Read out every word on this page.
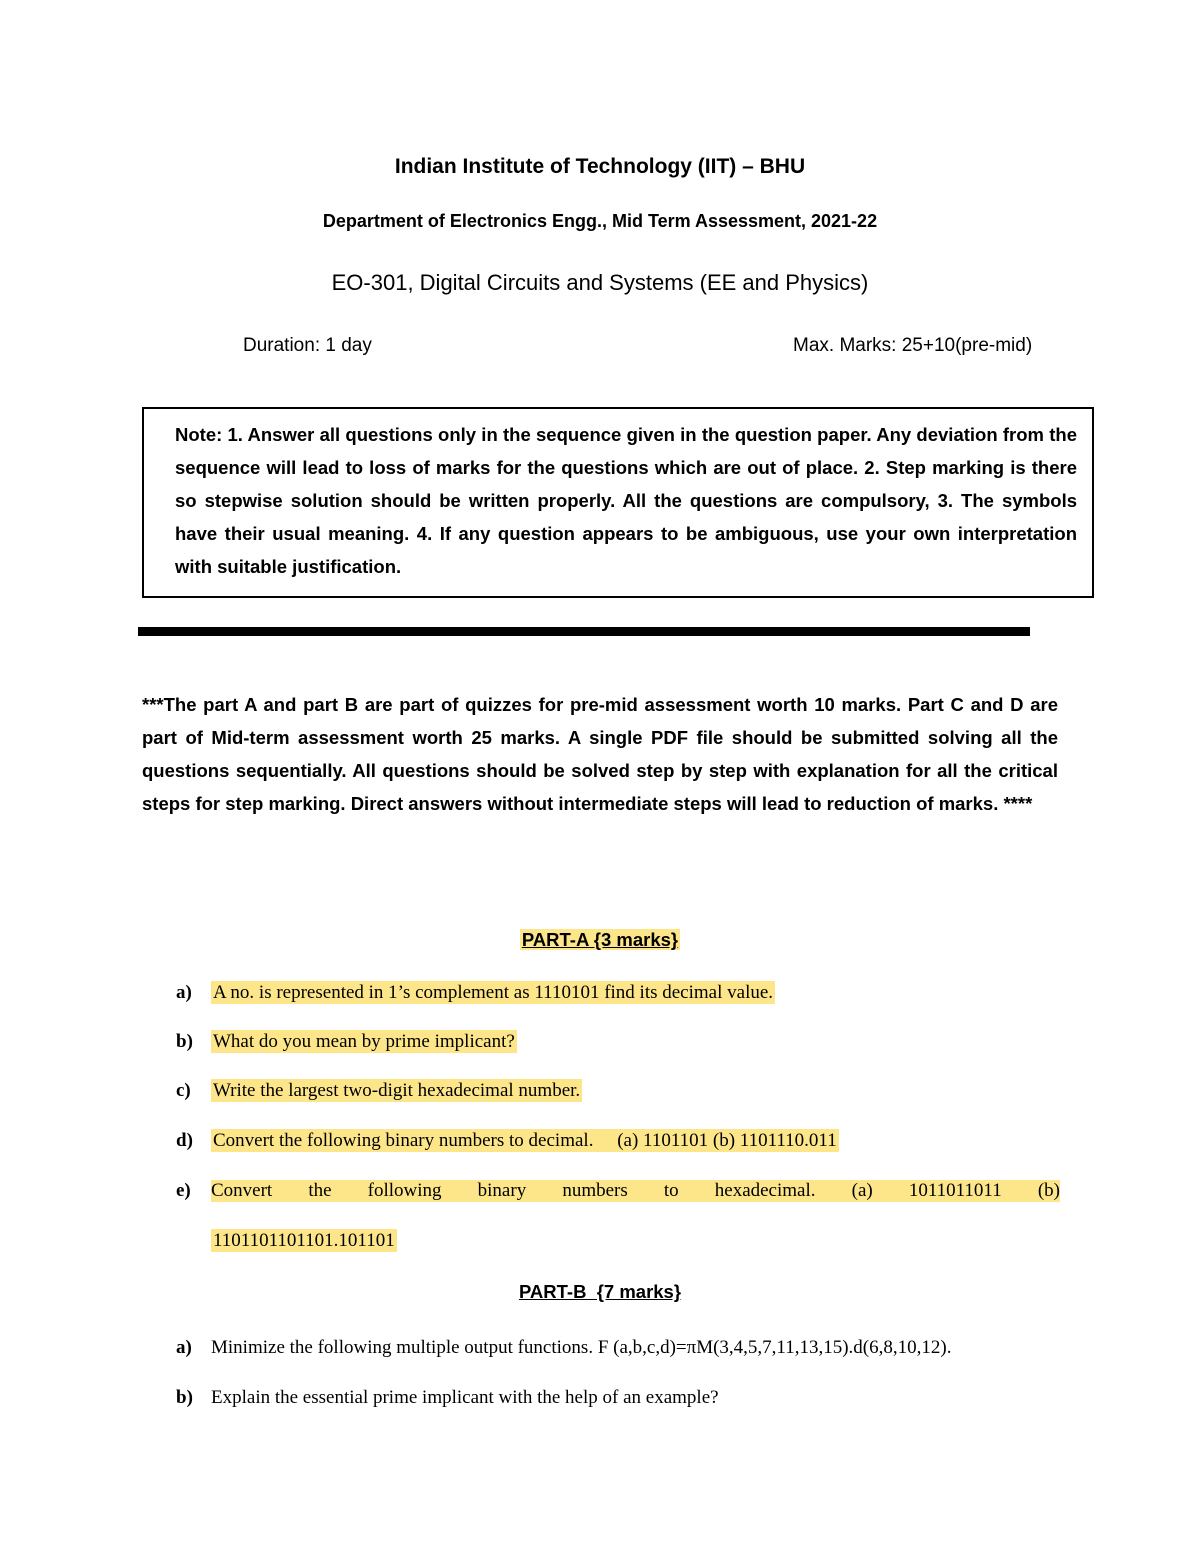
Indian Institute of Technology (IIT) – BHU
Department of Electronics Engg., Mid Term Assessment, 2021-22
EO-301, Digital Circuits and Systems (EE and Physics)
Duration: 1 day	Max. Marks: 25+10(pre-mid)
Note: 1. Answer all questions only in the sequence given in the question paper. Any deviation from the sequence will lead to loss of marks for the questions which are out of place. 2. Step marking is there so stepwise solution should be written properly. All the questions are compulsory, 3. The symbols have their usual meaning. 4. If any question appears to be ambiguous, use your own interpretation with suitable justification.
***The part A and part B are part of quizzes for pre-mid assessment worth 10 marks. Part C and D are part of Mid-term assessment worth 25 marks. A single PDF file should be submitted solving all the questions sequentially. All questions should be solved step by step with explanation for all the critical steps for step marking. Direct answers without intermediate steps will lead to reduction of marks. ****
PART-A {3 marks}
a) A no. is represented in 1’s complement as 1110101 find its decimal value.
b) What do you mean by prime implicant?
c) Write the largest two-digit hexadecimal number.
d) Convert the following binary numbers to decimal.     (a) 1101101 (b) 1101110.011
e) Convert the following binary numbers to hexadecimal. (a) 1011011011 (b)
1101101101101.101101
PART-B  {7 marks}
a) Minimize the following multiple output functions. F (a,b,c,d)=πM(3,4,5,7,11,13,15).d(6,8,10,12).
b) Explain the essential prime implicant with the help of an example?
